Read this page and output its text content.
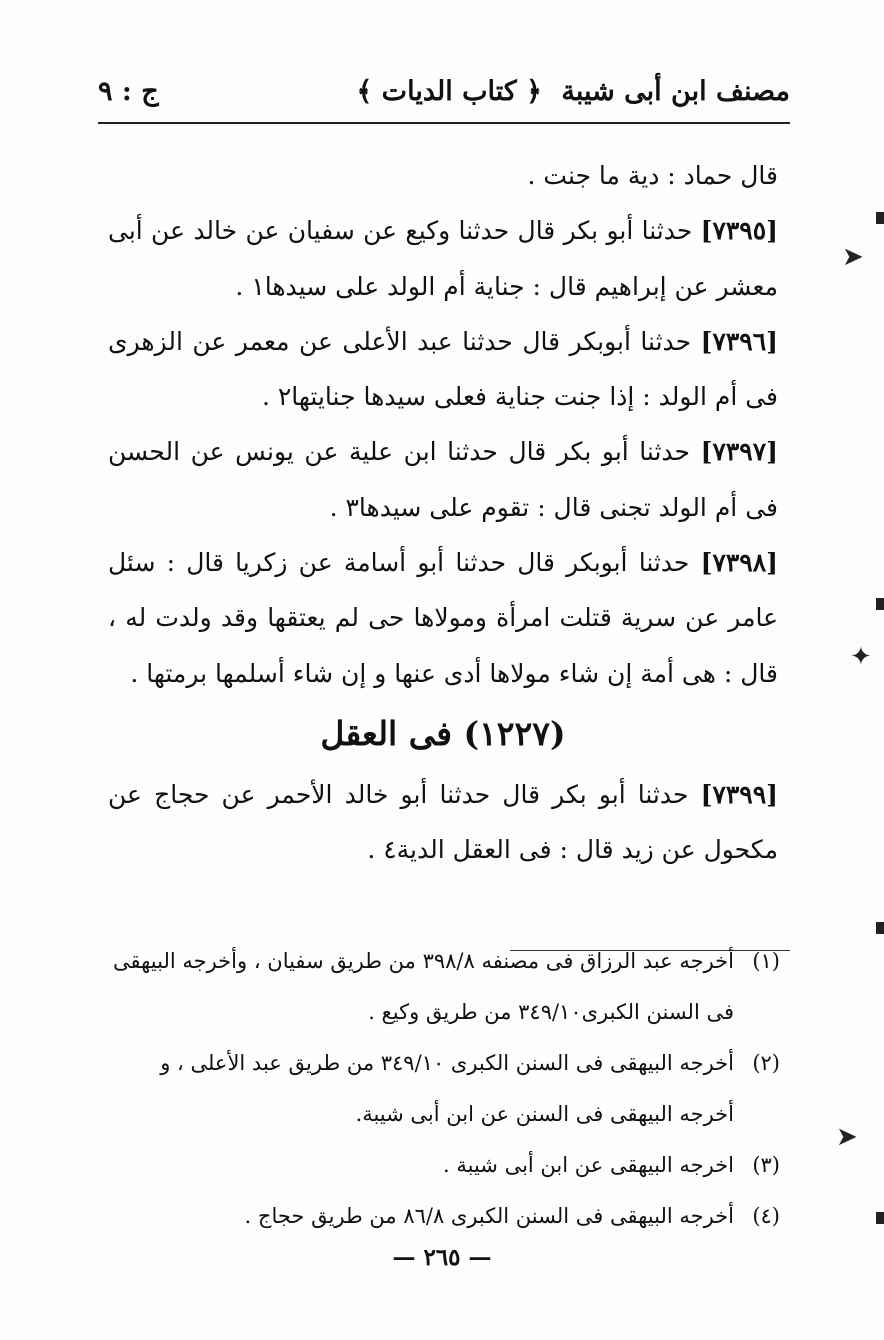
مصنف ابن أبى شيبة
﴿ كتاب الديات ﴾
ج : ٩

قال حماد : دية ما جنت .

[٧٣٩٥] حدثنا أبو بكر قال حدثنا وكيع عن سفيان عن خالد عن أبى معشر عن إبراهيم قال : جناية أم الولد على سيدها١ .

[٧٣٩٦] حدثنا أبوبكر قال حدثنا عبد الأعلى عن معمر عن الزهرى فى أم الولد : إذا جنت جناية فعلى سيدها جنايتها٢ .

[٧٣٩٧] حدثنا أبو بكر قال حدثنا ابن علية عن يونس عن الحسن فى أم الولد تجنى قال : تقوم على سيدها٣ .

[٧٣٩٨] حدثنا أبوبكر قال حدثنا أبو أسامة عن زكريا قال : سئل عامر عن سرية قتلت امرأة ومولاها حى لم يعتقها وقد ولدت له ، قال : هى أمة إن شاء مولاها أدى عنها و إن شاء أسلمها برمتها .

(١٢٢٧) فى العقل

[٧٣٩٩] حدثنا أبو بكر قال حدثنا أبو خالد الأحمر عن حجاج عن مكحول عن زيد قال : فى العقل الدية٤ .

(١)
أخرجه عبد الرزاق فى مصنفه ٣٩٨/٨ من طريق سفيان ، وأخرجه البيهقى فى السنن الكبرى٣٤٩/١٠ من طريق وكيع .

(٢)
أخرجه البيهقى فى السنن الكبرى ٣٤٩/١٠ من طريق عبد الأعلى ، و أخرجه البيهقى فى السنن عن ابن أبى شيبة.

(٣)
اخرجه البيهقى عن ابن أبى شيبة .

(٤)
أخرجه البيهقى فى السنن الكبرى ٨٦/٨ من طريق حجاج .

— ٢٦٥ —
➤
✦
➤
